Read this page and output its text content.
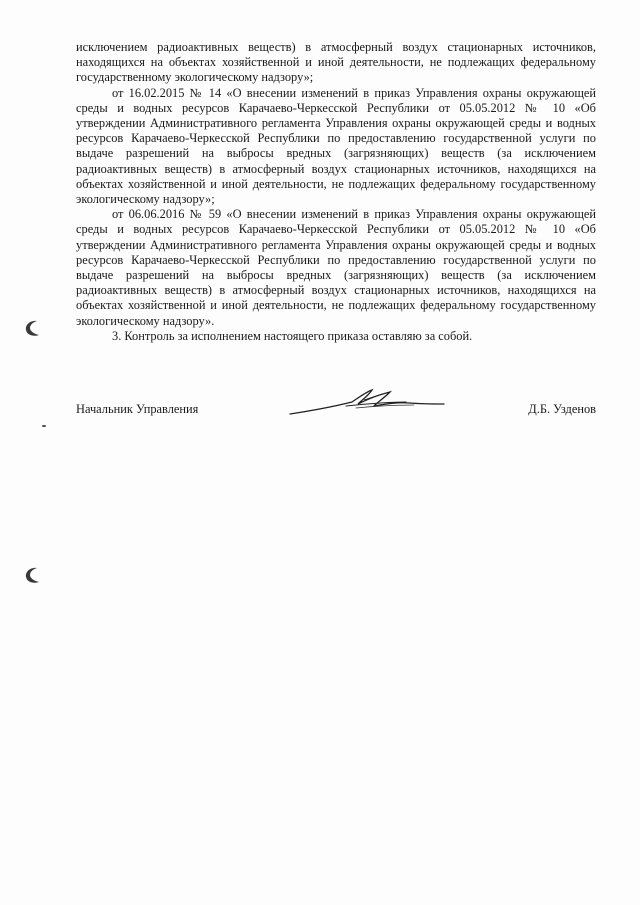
исключением радиоактивных веществ) в атмосферный воздух стационарных источников, находящихся на объектах хозяйственной и иной деятельности, не подлежащих федеральному государственному экологическому надзору»;

от 16.02.2015 № 14 «О внесении изменений в приказ Управления охраны окружающей среды и водных ресурсов Карачаево-Черкесской Республики от 05.05.2012 № 10 «Об утверждении Административного регламента Управления охраны окружающей среды и водных ресурсов Карачаево-Черкесской Республики по предоставлению государственной услуги по выдаче разрешений на выбросы вредных (загрязняющих) веществ (за исключением радиоактивных веществ) в атмосферный воздух стационарных источников, находящихся на объектах хозяйственной и иной деятельности, не подлежащих федеральному государственному экологическому надзору»;

от 06.06.2016 № 59 «О внесении изменений в приказ Управления охраны окружающей среды и водных ресурсов Карачаево-Черкесской Республики от 05.05.2012 № 10 «Об утверждении Административного регламента Управления охраны окружающей среды и водных ресурсов Карачаево-Черкесской Республики по предоставлению государственной услуги по выдаче разрешений на выбросы вредных (загрязняющих) веществ (за исключением радиоактивных веществ) в атмосферный воздух стационарных источников, находящихся на объектах хозяйственной и иной деятельности, не подлежащих федеральному государственному экологическому надзору».

3. Контроль за исполнением настоящего приказа оставляю за собой.

Начальник Управления	Д.Б. Узденов
